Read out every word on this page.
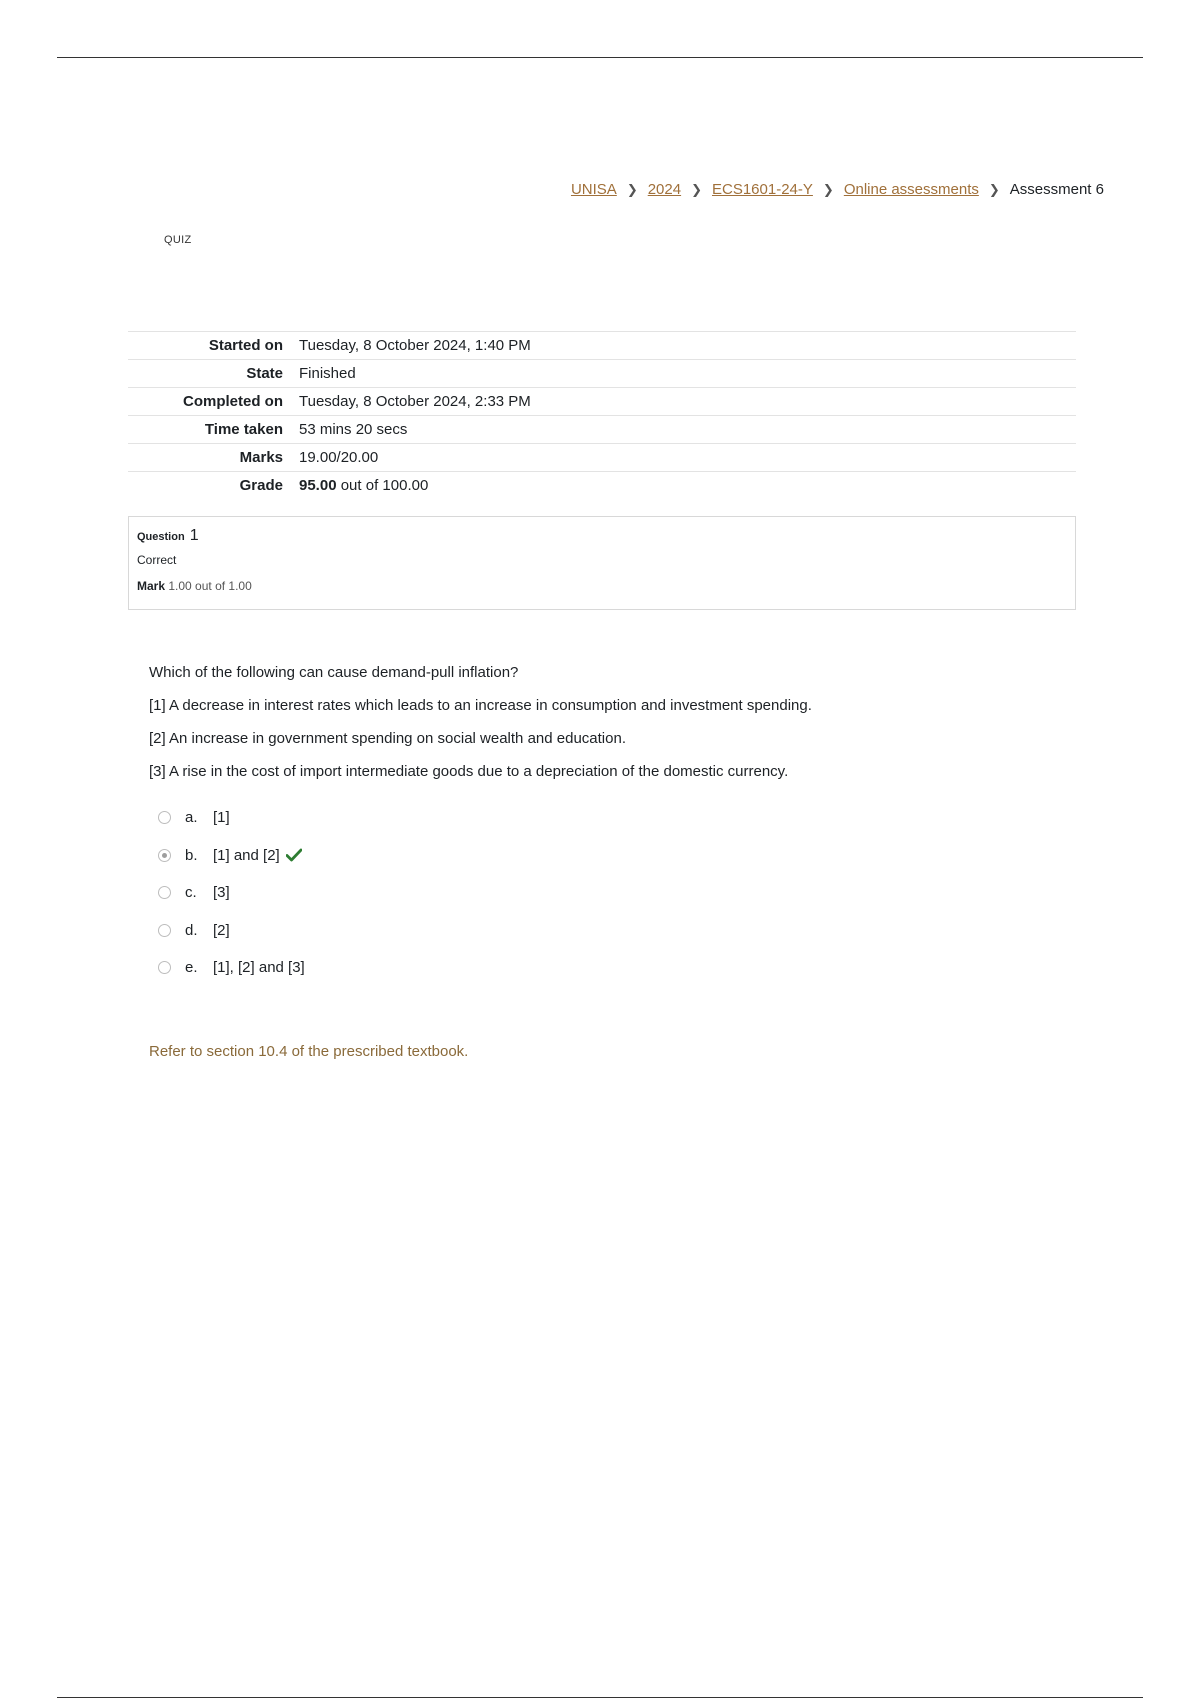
UNISA ❯ 2024 ❯ ECS1601-24-Y ❯ Online assessments ❯ Assessment 6
QUIZ
Started on	Tuesday, 8 October 2024, 1:40 PM
State	Finished
Completed on	Tuesday, 8 October 2024, 2:33 PM
Time taken	53 mins 20 secs
Marks	19.00/20.00
Grade	95.00 out of 100.00
Question 1
Correct
Mark 1.00 out of 1.00
Which of the following can cause demand-pull inflation?
[1] A decrease in interest rates which leads to an increase in consumption and investment spending.
[2] An increase in government spending on social wealth and education.
[3] A rise in the cost of import intermediate goods due to a depreciation of the domestic currency.
a.	[1]
b.	[1] and [2]
c.	[3]
d.	[2]
e.	[1], [2] and [3]
Refer to section 10.4 of the prescribed textbook.
